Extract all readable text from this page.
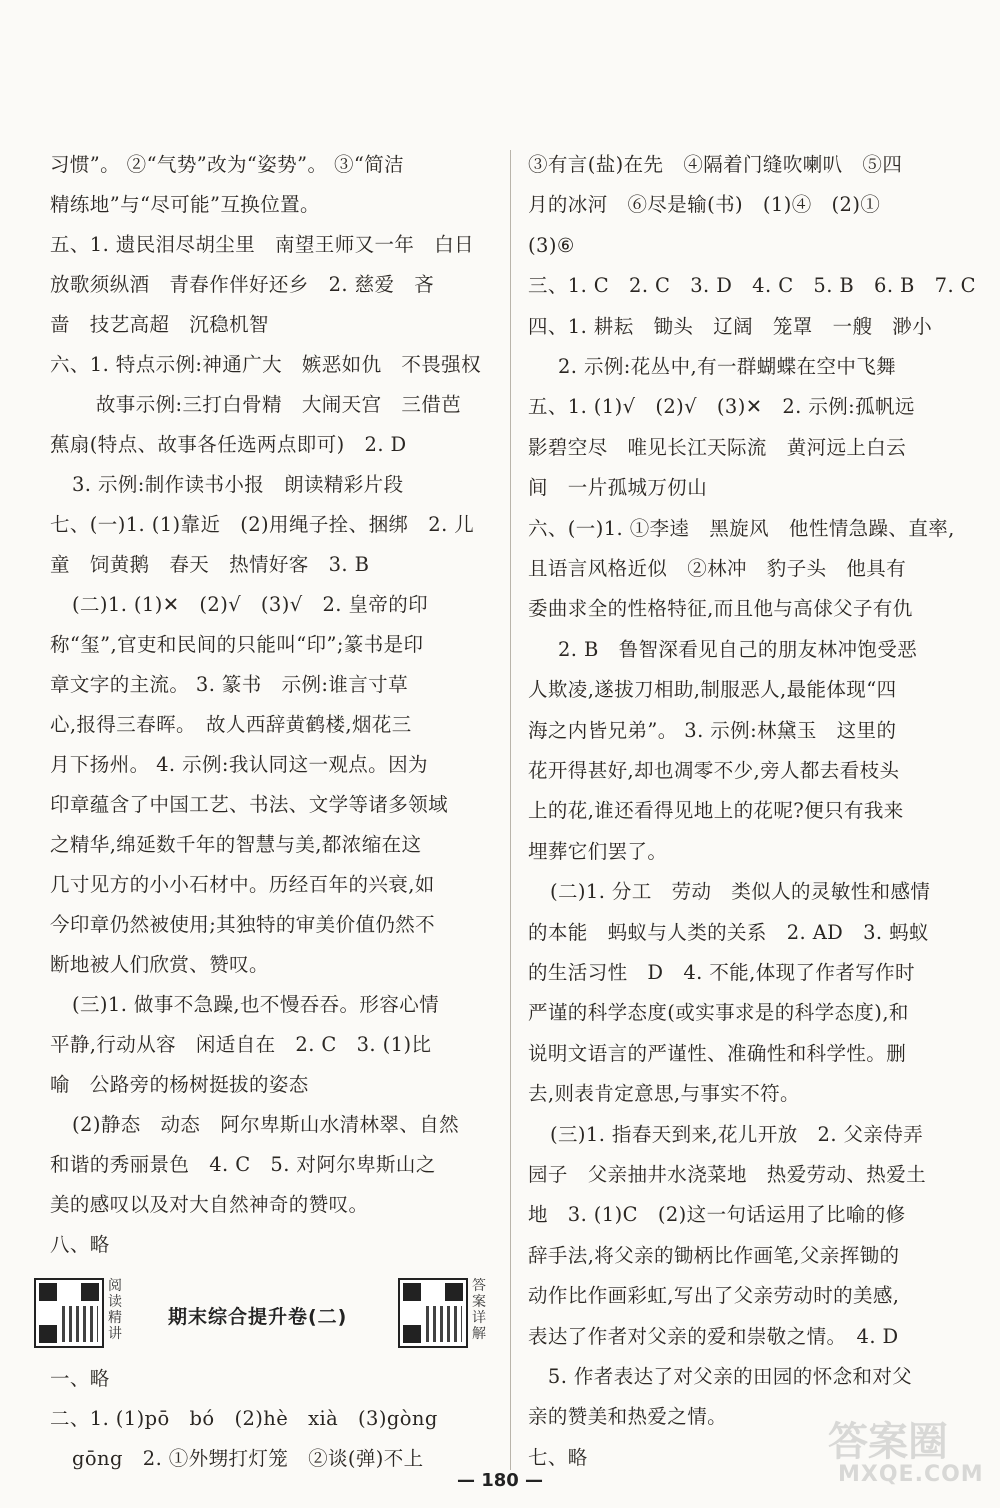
习惯”。 ②“气势”改为“姿势”。 ③“简洁
精练地”与“尽可能”互换位置。
五、1. 遗民泪尽胡尘里　南望王师又一年　白日
放歌须纵酒　青春作伴好还乡　2. 慈爱　吝
啬　技艺高超　沉稳机智
六、1. 特点示例:神通广大　嫉恶如仇　不畏强权
　故事示例:三打白骨精　大闹天宫　三借芭
蕉扇(特点、故事各任选两点即可)　2. D
3. 示例:制作读书小报　朗读精彩片段
七、(一)1. (1)靠近　(2)用绳子拴、捆绑　2. 儿
童　饲黄鹅　春天　热情好客　3. B
(二)1. (1)✕　(2)√　(3)√　2. 皇帝的印
称“玺”,官吏和民间的只能叫“印”;篆书是印
章文字的主流。 3. 篆书　示例:谁言寸草
心,报得三春晖。　故人西辞黄鹤楼,烟花三
月下扬州。 4. 示例:我认同这一观点。因为
印章蕴含了中国工艺、书法、文学等诸多领域
之精华,绵延数千年的智慧与美,都浓缩在这
几寸见方的小小石材中。历经百年的兴衰,如
今印章仍然被使用;其独特的审美价值仍然不
断地被人们欣赏、赞叹。
(三)1. 做事不急躁,也不慢吞吞。形容心情
平静,行动从容　闲适自在　2. C　3. (1)比
喻　公路旁的杨树挺拔的姿态
(2)静态　动态　阿尔卑斯山水清林翠、自然
和谐的秀丽景色　4. C　5. 对阿尔卑斯山之
美的感叹以及对大自然神奇的赞叹。
八、略
一、略
二、1. (1)pō　bó　(2)hè　xià　(3)gòng
gōng　2. ①外甥打灯笼　②谈(弹)不上
③有言(盐)在先　④隔着门缝吹喇叭　⑤四
月的冰河　⑥尽是输(书)　(1)④　(2)①
(3)⑥
三、1. C　2. C　3. D　4. C　5. B　6. B　7. C
四、1. 耕耘　锄头　辽阔　笼罩　一艘　渺小
2. 示例:花丛中,有一群蝴蝶在空中飞舞
五、1. (1)√　(2)√　(3)✕　2. 示例:孤帆远
影碧空尽　唯见长江天际流　黄河远上白云
间　一片孤城万仞山
六、(一)1. ①李逵　黑旋风　他性情急躁、直率,
且语言风格近似　②林冲　豹子头　他具有
委曲求全的性格特征,而且他与高俅父子有仇
2. B　鲁智深看见自己的朋友林冲饱受恶
人欺凌,遂拔刀相助,制服恶人,最能体现“四
海之内皆兄弟”。 3. 示例:林黛玉　这里的
花开得甚好,却也凋零不少,旁人都去看枝头
上的花,谁还看得见地上的花呢?便只有我来
埋葬它们罢了。
(二)1. 分工　劳动　类似人的灵敏性和感情
的本能　蚂蚁与人类的关系　2. AD　3. 蚂蚁
的生活习性　D　4. 不能,体现了作者写作时
严谨的科学态度(或实事求是的科学态度),和
说明文语言的严谨性、准确性和科学性。删
去,则表肯定意思,与事实不符。
(三)1. 指春天到来,花儿开放　2. 父亲侍弄
园子　父亲抽井水浇菜地　热爱劳动、热爱土
地　3. (1)C　(2)这一句话运用了比喻的修
辞手法,将父亲的锄柄比作画笔,父亲挥锄的
动作比作画彩虹,写出了父亲劳动时的美感,
表达了作者对父亲的爱和崇敬之情。　4. D
　5. 作者表达了对父亲的田园的怀念和对父
亲的赞美和热爱之情。
七、略
阅读精讲
期末综合提升卷(二)
答案详解
— 180 —
答案圈
MXQE.COM
